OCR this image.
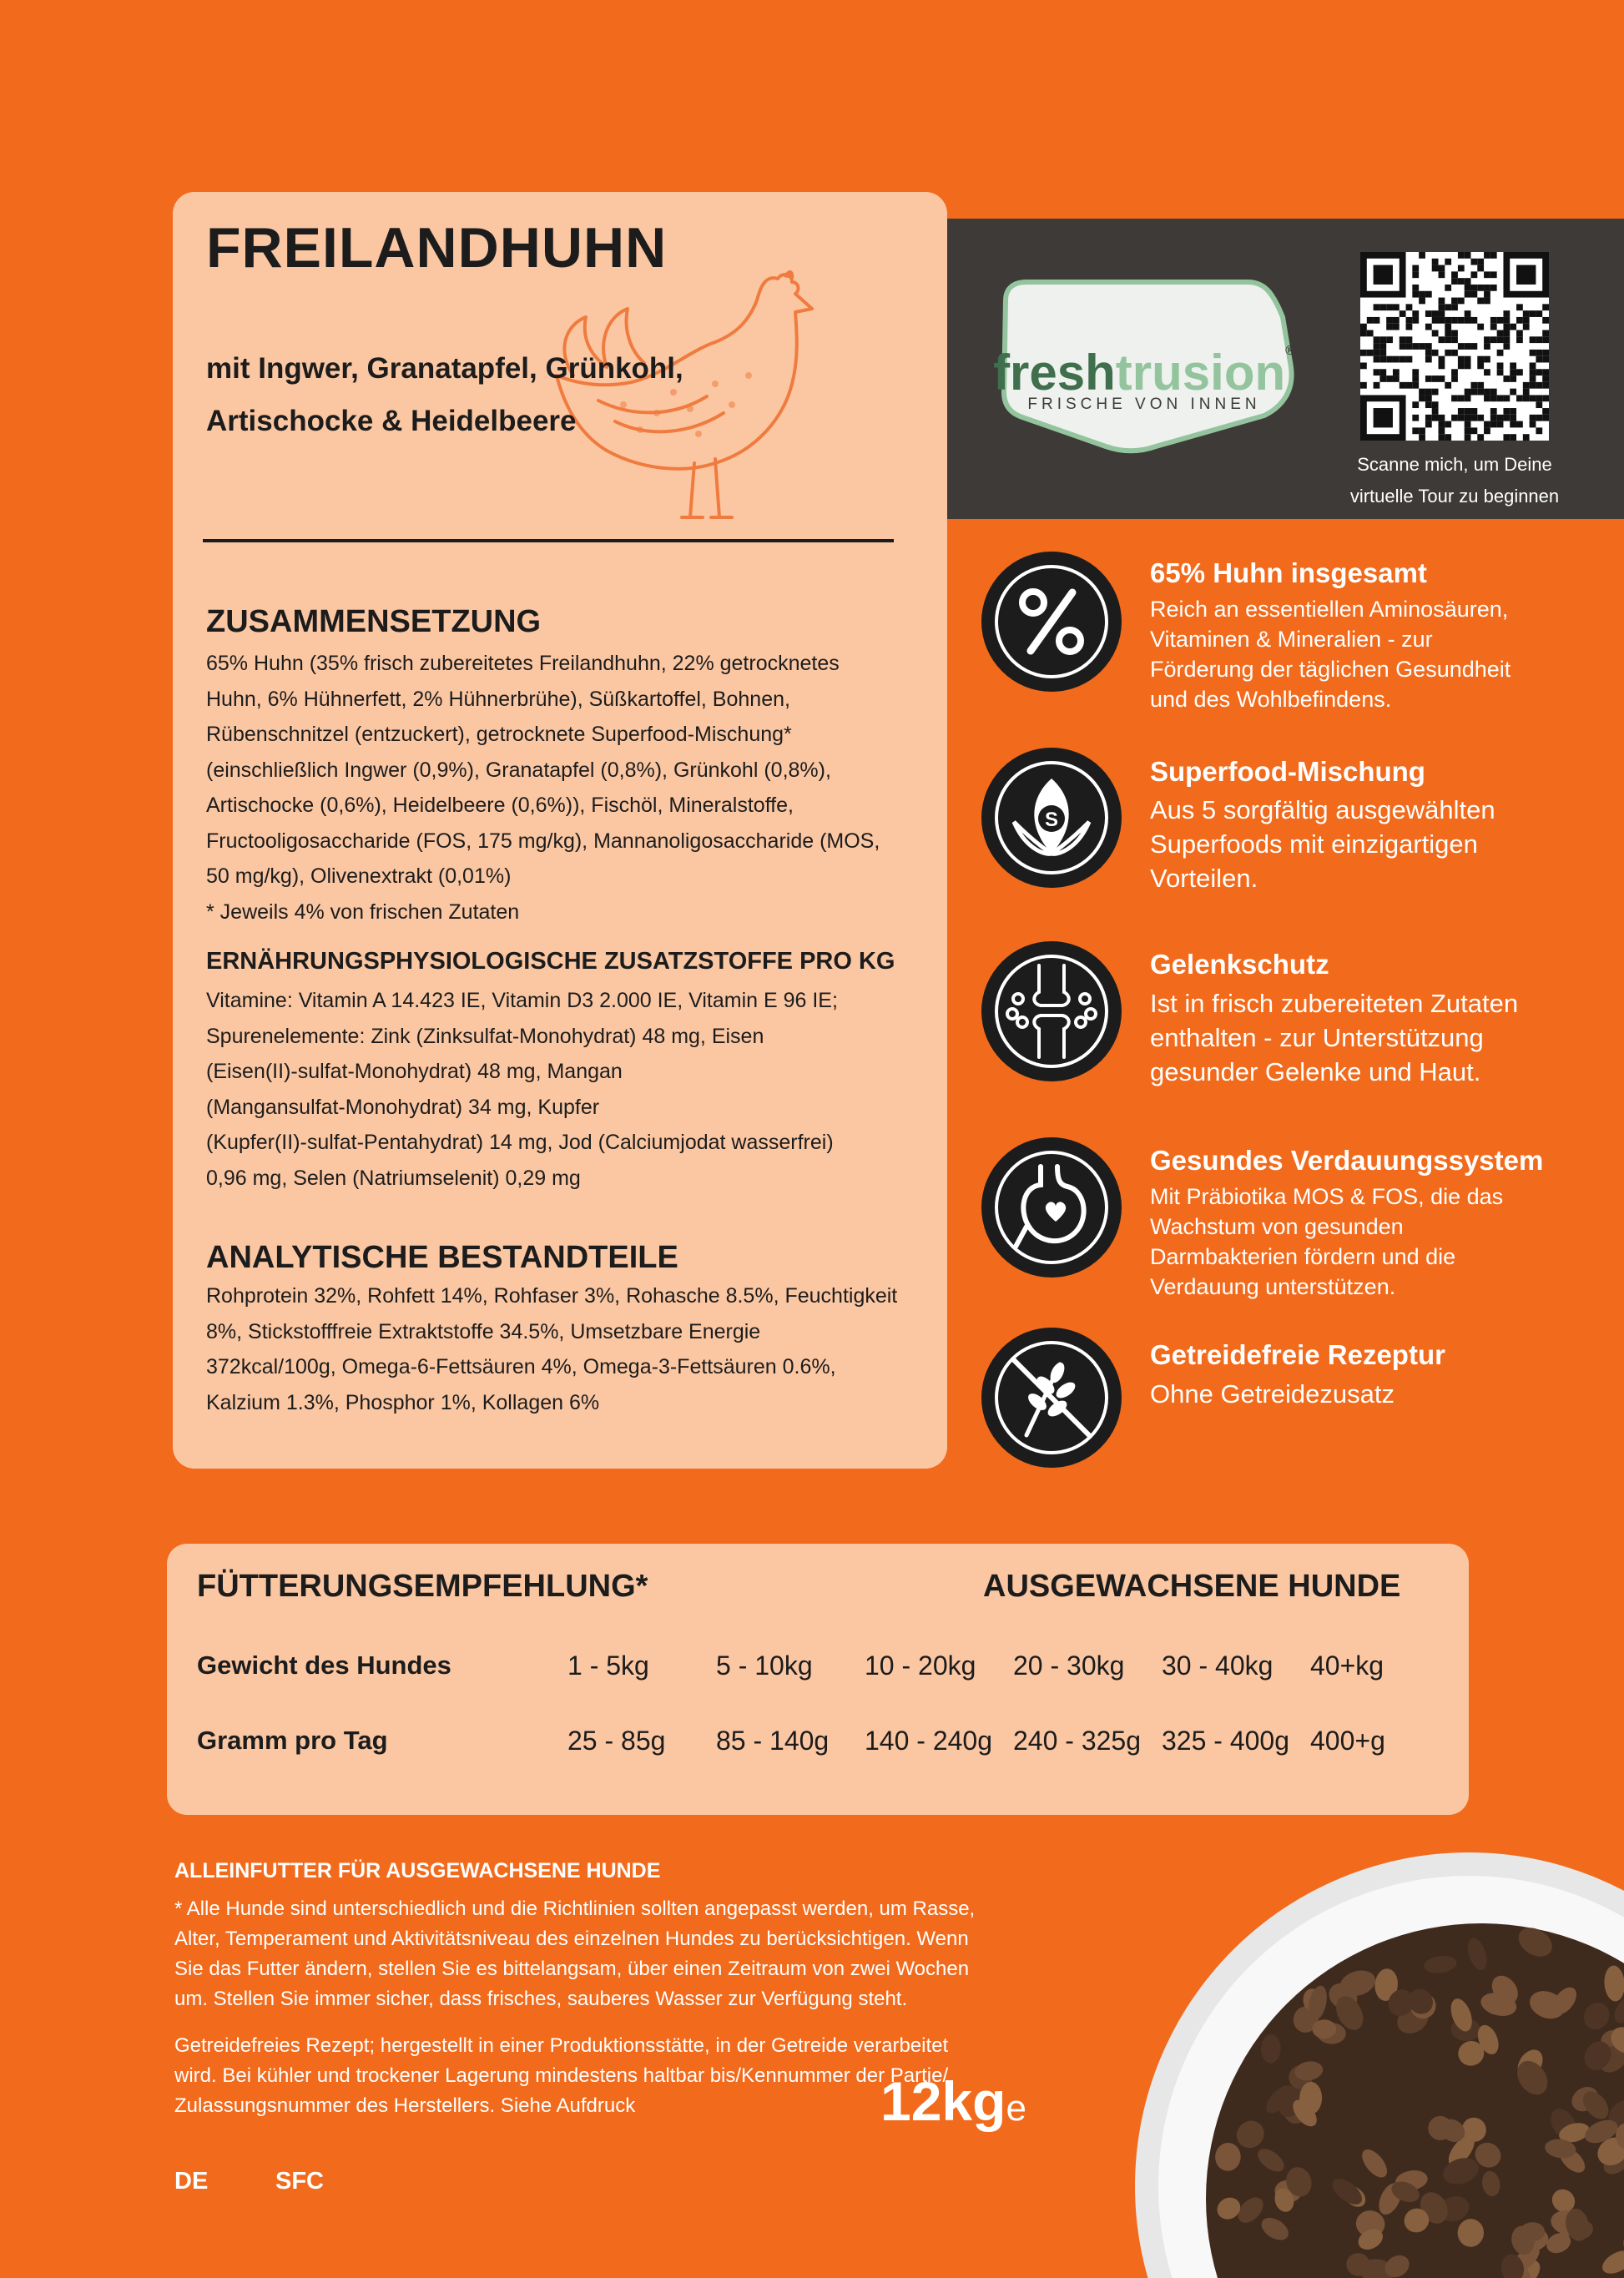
FREILANDHUHN
mit Ingwer, Granatapfel, Grünkohl,
Artischocke & Heidelbeere
ZUSAMMENSETZUNG
65% Huhn (35% frisch zubereitetes Freilandhuhn, 22% getrocknetes
Huhn, 6% Hühnerfett, 2% Hühnerbrühe), Süßkartoffel, Bohnen,
Rübenschnitzel (entzuckert), getrocknete Superfood-Mischung*
(einschließlich Ingwer (0,9%), Granatapfel (0,8%), Grünkohl (0,8%),
Artischocke (0,6%), Heidelbeere (0,6%)), Fischöl, Mineralstoffe,
Fructooligosaccharide (FOS, 175 mg/kg), Mannanoligosaccharide (MOS,
50 mg/kg), Olivenextrakt (0,01%)
* Jeweils 4% von frischen Zutaten
ERNÄHRUNGSPHYSIOLOGISCHE ZUSATZSTOFFE PRO KG
Vitamine: Vitamin A 14.423 IE, Vitamin D3 2.000 IE, Vitamin E 96 IE;
Spurenelemente: Zink (Zinksulfat-Monohydrat) 48 mg, Eisen
(Eisen(II)-sulfat-Monohydrat) 48 mg, Mangan
(Mangansulfat-Monohydrat) 34 mg, Kupfer
(Kupfer(II)-sulfat-Pentahydrat) 14 mg, Jod (Calciumjodat wasserfrei)
0,96 mg, Selen (Natriumselenit) 0,29 mg
ANALYTISCHE BESTANDTEILE
Rohprotein 32%, Rohfett 14%, Rohfaser 3%, Rohasche 8.5%, Feuchtigkeit
8%, Stickstofffreie Extraktstoffe 34.5%, Umsetzbare Energie
372kcal/100g, Omega-6-Fettsäuren 4%, Omega-3-Fettsäuren 0.6%,
Kalzium 1.3%, Phosphor 1%, Kollagen 6%
freshtrusion®
FRISCHE VON INNEN
Scanne mich, um Deine
virtuelle Tour zu beginnen
65% Huhn insgesamt
Reich an essentiellen Aminosäuren,
Vitaminen & Mineralien - zur
Förderung der täglichen Gesundheit
und des Wohlbefindens.
S
Superfood-Mischung
Aus 5 sorgfältig ausgewählten
Superfoods mit einzigartigen
Vorteilen.
Gelenkschutz
Ist in frisch zubereiteten Zutaten
enthalten - zur Unterstützung
gesunder Gelenke und Haut.
Gesundes Verdauungssystem
Mit Präbiotika MOS & FOS, die das
Wachstum von gesunden
Darmbakterien fördern und die
Verdauung unterstützen.
Getreidefreie Rezeptur
Ohne Getreidezusatz
FÜTTERUNGSEMPFEHLUNG*	AUSGEWACHSENE HUNDE
Gewicht des Hundes	1 - 5kg	5 - 10kg 10 - 20kg 20 - 30kg 30 - 40kg 40+kg
Gramm pro Tag	25 - 85g 85 - 140g 140 - 240g 240 - 325g 325 - 400g 400+g
ALLEINFUTTER FÜR AUSGEWACHSENE HUNDE
* Alle Hunde sind unterschiedlich und die Richtlinien sollten angepasst werden, um Rasse,
Alter, Temperament und Aktivitätsniveau des einzelnen Hundes zu berücksichtigen. Wenn
Sie das Futter ändern, stellen Sie es bittelangsam, über einen Zeitraum von zwei Wochen
um. Stellen Sie immer sicher, dass frisches, sauberes Wasser zur Verfügung steht.
Getreidefreies Rezept; hergestellt in einer Produktionsstätte, in der Getreide verarbeitet
wird. Bei kühler und trockener Lagerung mindestens haltbar bis/Kennummer der Partie/
Zulassungsnummer des Herstellers. Siehe Aufdruck	12kge
DE	SFC
